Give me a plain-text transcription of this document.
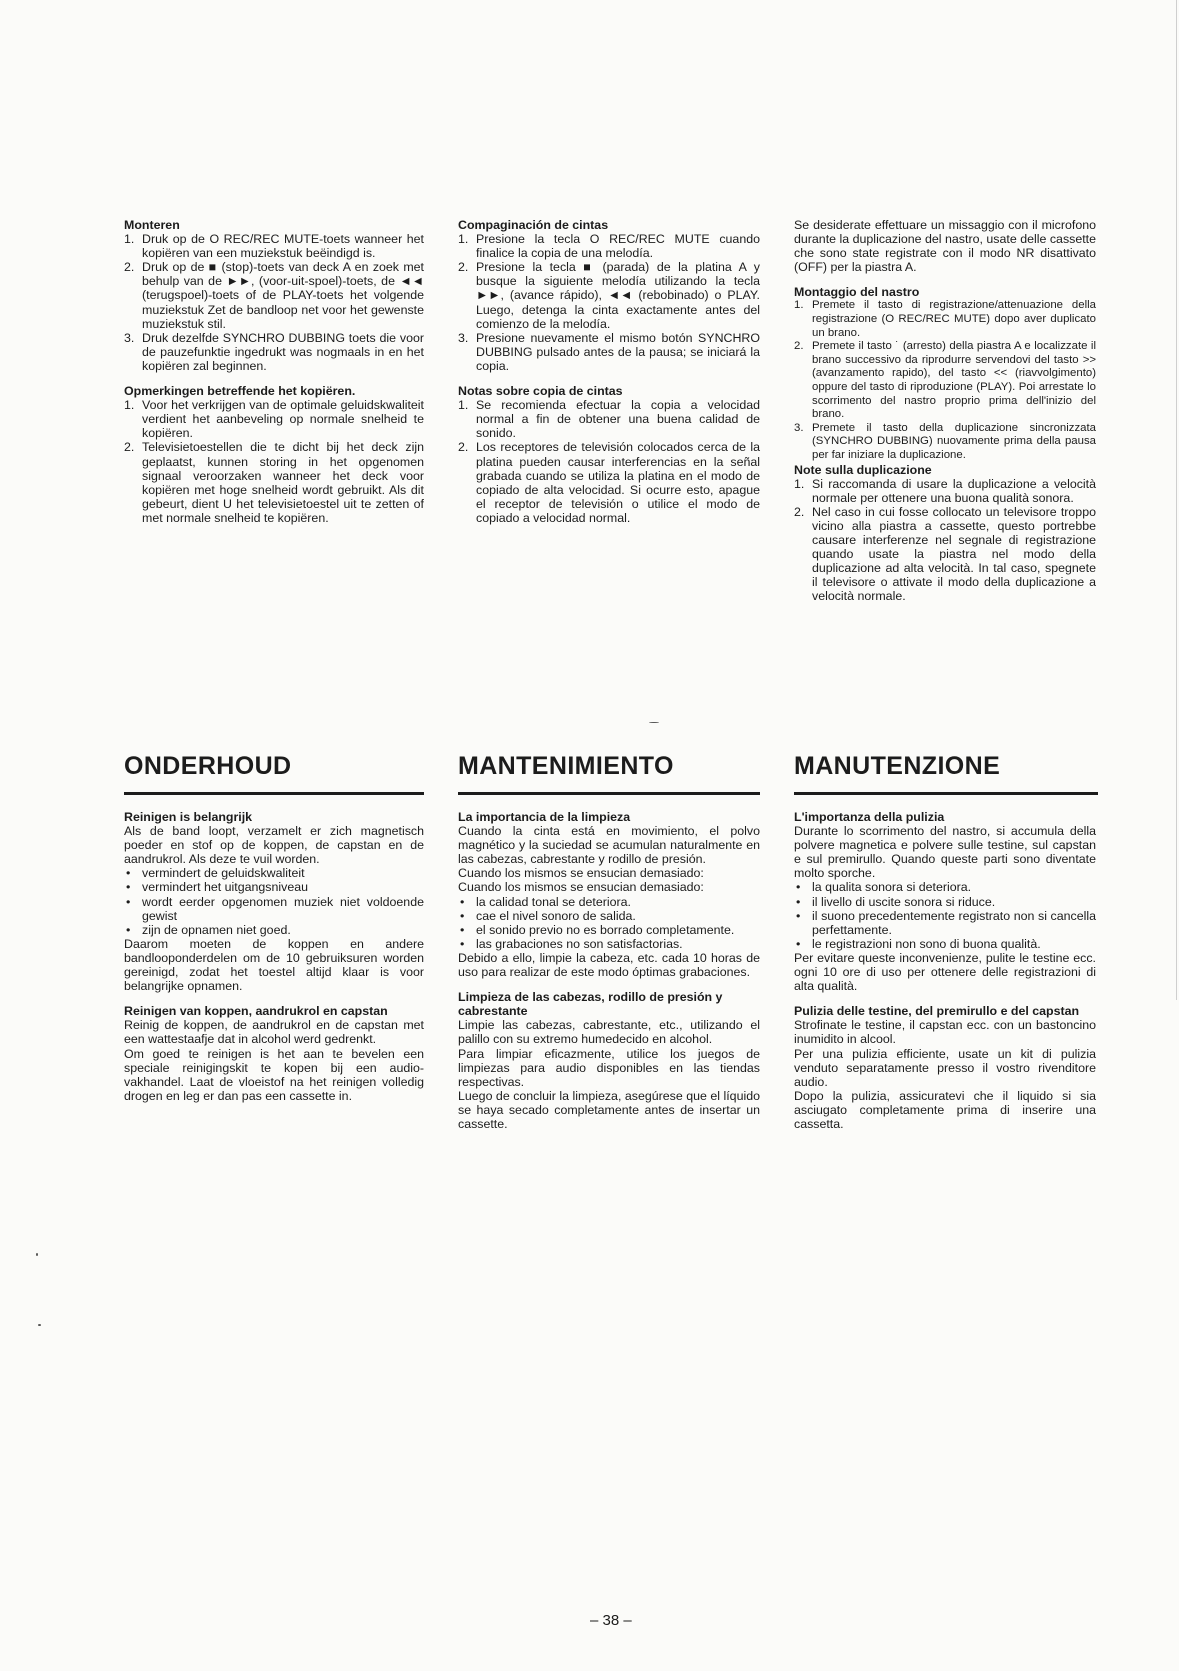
Monteren
1. Druk op de O REC/REC MUTE-toets wanneer het kopiëren van een muziekstuk beëindigd is.
2. Druk op de ■ (stop)-toets van deck A en zoek met behulp van de ►►, (voor-uit-spoel)-toets, de ◄◄ (terugspoel)-toets of de PLAY-toets het volgende muziekstuk Zet de bandloop net voor het gewenste muziekstuk stil.
3. Druk dezelfde SYNCHRO DUBBING toets die voor de pauzefunktie ingedrukt was nogmaals in en het kopiëren zal beginnen.
Opmerkingen betreffende het kopiëren.
1. Voor het verkrijgen van de optimale geluidskwaliteit verdient het aanbeveling op normale snelheid te kopiëren.
2. Televisietoestellen die te dicht bij het deck zijn geplaatst, kunnen storing in het opgenomen signaal veroorzaken wanneer het deck voor kopiëren met hoge snelheid wordt gebruikt. Als dit gebeurt, dient U het televisietoestel uit te zetten of met normale snelheid te kopiëren.
Compaginación de cintas
1. Presione la tecla O REC/REC MUTE cuando finalice la copia de una melodía.
2. Presione la tecla ■ (parada) de la platina A y busque la siguiente melodía utilizando la tecla ►►, (avance rápido), ◄◄ (rebobinado) o PLAY. Luego, detenga la cinta exactamente antes del comienzo de la melodía.
3. Presione nuevamente el mismo botón SYNCHRO DUBBING pulsado antes de la pausa; se iniciará la copia.
Notas sobre copia de cintas
1. Se recomienda efectuar la copia a velocidad normal a fin de obtener una buena calidad de sonido.
2. Los receptores de televisión colocados cerca de la platina pueden causar interferencias en la señal grabada cuando se utiliza la platina en el modo de copiado de alta velocidad. Si ocurre esto, apague el receptor de televisión o utilice el modo de copiado a velocidad normal.

Se desiderate effettuare un missaggio con il microfono durante la duplicazione del nastro, usate delle cassette che sono state registrate con il modo NR disattivato (OFF) per la piastra A.

Montaggio del nastro
1. Premete il tasto di registrazione/attenuazione della registrazione (O REC/REC MUTE) dopo aver duplicato un brano.
2. Premete il tasto ˙ (arresto) della piastra A e localizzate il brano successivo da riprodurre servendovi del tasto >> (avanzamento rapido), del tasto << (riavvolgimento) oppure del tasto di riproduzione (PLAY). Poi arrestate lo scorrimento del nastro proprio prima dell'inizio del brano.
3. Premete il tasto della duplicazione sincronizzata (SYNCHRO DUBBING) nuovamente prima della pausa per far iniziare la duplicazione.
Note sulla duplicazione
1. Si raccomanda di usare la duplicazione a velocità normale per ottenere una buona qualità sonora.
2. Nel caso in cui fosse collocato un televisore troppo vicino alla piastra a cassette, questo portrebbe causare interferenze nel segnale di registrazione quando usate la piastra nel modo della duplicazione ad alta velocità. In tal caso, spegnete il televisore o attivate il modo della duplicazione a velocità normale.
ONDERHOUD	MANTENIMIENTO	MANUTENZIONE
Reinigen is belangrijk

Als de band loopt, verzamelt er zich magnetisch poeder en stof op de koppen, de capstan en de aandrukrol. Als deze te vuil worden.

• vermindert de geluidskwaliteit
• vermindert het uitgangsniveau
• wordt eerder opgenomen muziek niet voldoende gewist
• zijn de opnamen niet goed.

Daarom moeten de koppen en andere bandlooponderdelen om de 10 gebruiksuren worden gereinigd, zodat het toestel altijd klaar is voor belangrijke opnamen.

Reinigen van koppen, aandrukrol en capstan

Reinig de koppen, de aandrukrol en de capstan met een wattestaafje dat in alcohol werd gedrenkt.

Om goed te reinigen is het aan te bevelen een speciale reinigingskit te kopen bij een audio-vakhandel. Laat de vloeistof na het reinigen volledig drogen en leg er dan pas een cassette in.

La importancia de la limpieza

Cuando la cinta está en movimiento, el polvo magnético y la suciedad se acumulan naturalmente en las cabezas, cabrestante y rodillo de presión.

Cuando los mismos se ensucian demasiado:

Cuando los mismos se ensucian demasiado:

• la calidad tonal se deteriora.
• cae el nivel sonoro de salida.
• el sonido previo no es borrado completamente.
• las grabaciones no son satisfactorias.

Debido a ello, limpie la cabeza, etc. cada 10 horas de uso para realizar de este modo óptimas grabaciones.

Limpieza de las cabezas, rodillo de presión y cabrestante

Limpie las cabezas, cabrestante, etc., utilizando el palillo con su extremo humedecido en alcohol.

Para limpiar eficazmente, utilice los juegos de limpiezas para audio disponibles en las tiendas respectivas.

Luego de concluir la limpieza, asegúrese que el líquido se haya secado completamente antes de insertar un cassette.

L'importanza della pulizia

Durante lo scorrimento del nastro, si accumula della polvere magnetica e polvere sulle testine, sul capstan e sul premirullo. Quando queste parti sono diventate molto sporche.

• la qualita sonora si deteriora.
• il livello di uscite sonora si riduce.
• il suono precedentemente registrato non si cancella perfettamente.
• le registrazioni non sono di buona qualità.

Per evitare queste inconvenienze, pulite le testine ecc. ogni 10 ore di uso per ottenere delle registrazioni di alta qualità.

Pulizia delle testine, del premirullo e del capstan

Strofinate le testine, il capstan ecc. con un bastoncino inumidito in alcool.

Per una pulizia efficiente, usate un kit di pulizia venduto separatamente presso il vostro rivenditore audio.

Dopo la pulizia, assicuratevi che il liquido si sia asciugato completamente prima di inserire una cassetta.

– 38 –
